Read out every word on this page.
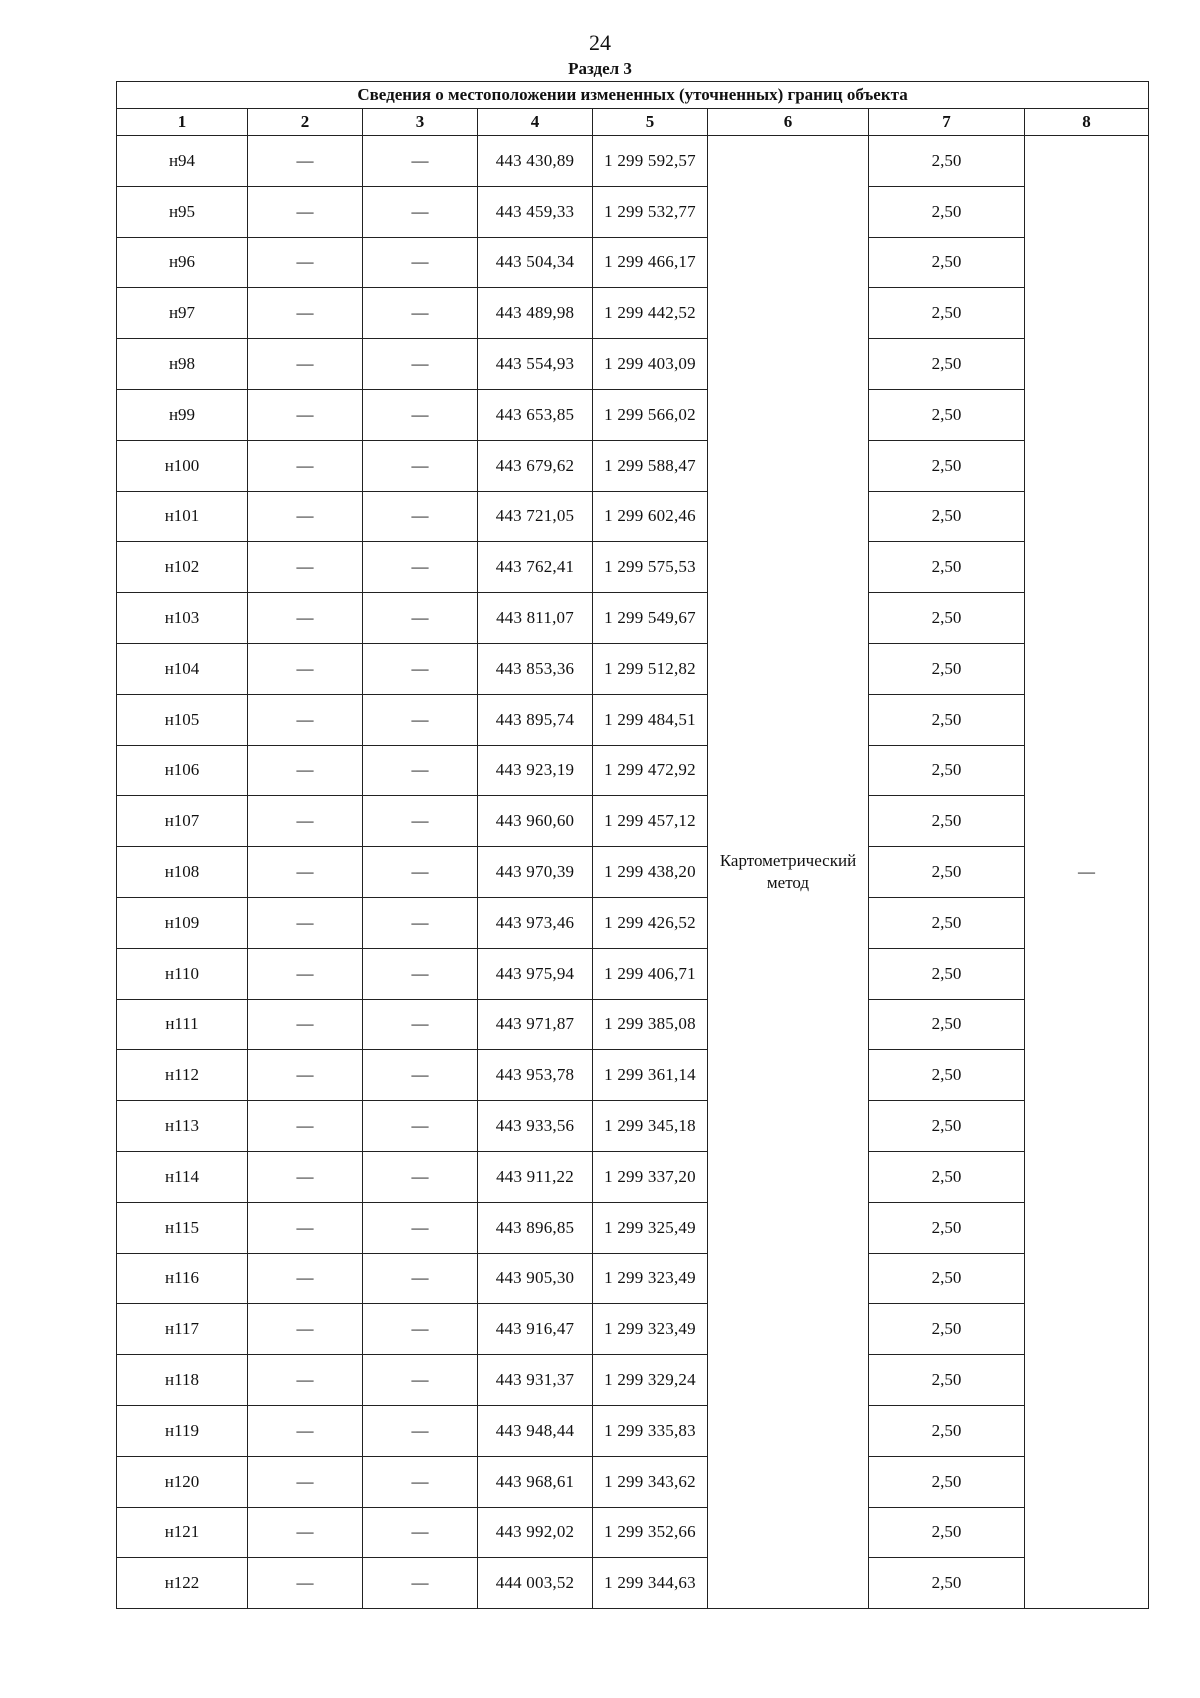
24
Раздел 3
Сведения о местоположении измененных (уточненных) границ объекта							
1	2	3	4	5	6	7	8
н94	—	—	443 430,89	1 299 592,57	Картометрический метод	2,50	—
н95	—	—	443 459,33	1 299 532,77		2,50	
н96	—	—	443 504,34	1 299 466,17		2,50	
н97	—	—	443 489,98	1 299 442,52		2,50	
н98	—	—	443 554,93	1 299 403,09		2,50	
н99	—	—	443 653,85	1 299 566,02		2,50	
н100	—	—	443 679,62	1 299 588,47		2,50	
н101	—	—	443 721,05	1 299 602,46		2,50	
н102	—	—	443 762,41	1 299 575,53		2,50	
н103	—	—	443 811,07	1 299 549,67		2,50	
н104	—	—	443 853,36	1 299 512,82		2,50	
н105	—	—	443 895,74	1 299 484,51		2,50	
н106	—	—	443 923,19	1 299 472,92		2,50	
н107	—	—	443 960,60	1 299 457,12		2,50	
н108	—	—	443 970,39	1 299 438,20		2,50	
н109	—	—	443 973,46	1 299 426,52		2,50	
н110	—	—	443 975,94	1 299 406,71		2,50	
н111	—	—	443 971,87	1 299 385,08		2,50	
н112	—	—	443 953,78	1 299 361,14		2,50	
н113	—	—	443 933,56	1 299 345,18		2,50	
н114	—	—	443 911,22	1 299 337,20		2,50	
н115	—	—	443 896,85	1 299 325,49		2,50	
н116	—	—	443 905,30	1 299 323,49		2,50	
н117	—	—	443 916,47	1 299 323,49		2,50	
н118	—	—	443 931,37	1 299 329,24		2,50	
н119	—	—	443 948,44	1 299 335,83		2,50	
н120	—	—	443 968,61	1 299 343,62		2,50	
н121	—	—	443 992,02	1 299 352,66		2,50	
н122	—	—	444 003,52	1 299 344,63		2,50	
